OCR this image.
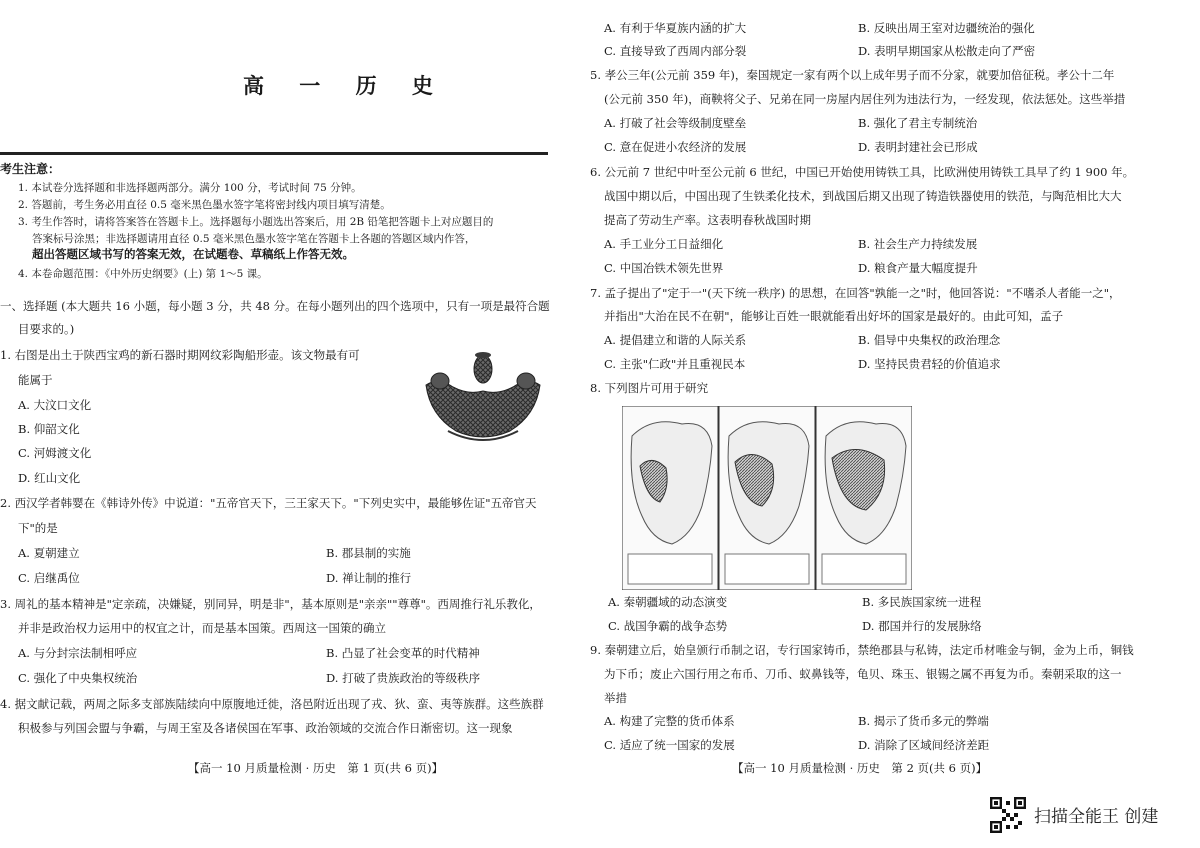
高 一 历 史
考生注意：
1. 本试卷分选择题和非选择题两部分。满分 100 分，考试时间 75 分钟。
2. 答题前，考生务必用直径 0.5 毫米黑色墨水签字笔将密封线内项目填写清楚。
3. 考生作答时，请将答案答在答题卡上。选择题每小题选出答案后，用 2B 铅笔把答题卡上对应题目的
答案标号涂黑；非选择题请用直径 0.5 毫米黑色墨水签字笔在答题卡上各题的答题区域内作答，
超出答题区域书写的答案无效，在试题卷、草稿纸上作答无效。
4. 本卷命题范围：《中外历史纲要》(上) 第 1～5 课。
一、选择题 (本大题共 16 小题，每小题 3 分，共 48 分。在每小题列出的四个选项中，只有一项是最符合题
目要求的。)
1. 右图是出土于陕西宝鸡的新石器时期网纹彩陶船形壶。该文物最有可
能属于
A. 大汶口文化
B. 仰韶文化
C. 河姆渡文化
D. 红山文化
2. 西汉学者韩婴在《韩诗外传》中说道："五帝官天下，三王家天下。"下列史实中，最能够佐证"五帝官天
下"的是
A. 夏朝建立	B. 郡县制的实施
C. 启继禹位	D. 禅让制的推行
3. 周礼的基本精神是"定亲疏，决嫌疑，别同异，明是非"，基本原则是"亲亲""尊尊"。西周推行礼乐教化，
并非是政治权力运用中的权宜之计，而是基本国策。西周这一国策的确立
A. 与分封宗法制相呼应	B. 凸显了社会变革的时代精神
C. 强化了中央集权统治	D. 打破了贵族政治的等级秩序
4. 据文献记载，两周之际多支部族陆续向中原腹地迁徙，洛邑附近出现了戎、狄、蛮、夷等族群。这些族群
积极参与列国会盟与争霸，与周王室及各诸侯国在军事、政治领域的交流合作日渐密切。这一现象
【高一 10 月质量检测 · 历史　第 1 页(共 6 页)】
A. 有利于华夏族内涵的扩大	B. 反映出周王室对边疆统治的强化
C. 直接导致了西周内部分裂	D. 表明早期国家从松散走向了严密
5. 孝公三年(公元前 359 年)，秦国规定一家有两个以上成年男子而不分家，就要加倍征税。孝公十二年
(公元前 350 年)，商鞅将父子、兄弟在同一房屋内居住列为违法行为，一经发现，依法惩处。这些举措
A. 打破了社会等级制度壁垒	B. 强化了君主专制统治
C. 意在促进小农经济的发展	D. 表明封建社会已形成
6. 公元前 7 世纪中叶至公元前 6 世纪，中国已开始使用铸铁工具，比欧洲使用铸铁工具早了约 1 900 年。
战国中期以后，中国出现了生铁柔化技术，到战国后期又出现了铸造铁器使用的铁范，与陶范相比大大
提高了劳动生产率。这表明春秋战国时期
A. 手工业分工日益细化	B. 社会生产力持续发展
C. 中国冶铁术领先世界	D. 粮食产量大幅度提升
7. 孟子提出了"定于一"(天下统一秩序) 的思想，在回答"孰能一之"时，他回答说："不嗜杀人者能一之"，
并指出"大治在民不在朝"，能够让百姓一眼就能看出好坏的国家是最好的。由此可知，孟子
A. 提倡建立和谐的人际关系	B. 倡导中央集权的政治理念
C. 主张"仁政"并且重视民本	D. 坚持民贵君轻的价值追求
8. 下列图片可用于研究
A. 秦朝疆域的动态演变	B. 多民族国家统一进程
C. 战国争霸的战争态势	D. 郡国并行的发展脉络
9. 秦朝建立后，始皇颁行币制之诏，专行国家铸币，禁绝郡县与私铸，法定币材唯金与铜，金为上币，铜钱
为下币；废止六国行用之布币、刀币、蚁鼻钱等，龟贝、珠玉、银锡之属不再复为币。秦朝采取的这一
举措
A. 构建了完整的货币体系	B. 揭示了货币多元的弊端
C. 适应了统一国家的发展	D. 消除了区域间经济差距
【高一 10 月质量检测 · 历史　第 2 页(共 6 页)】
扫描全能王 创建
